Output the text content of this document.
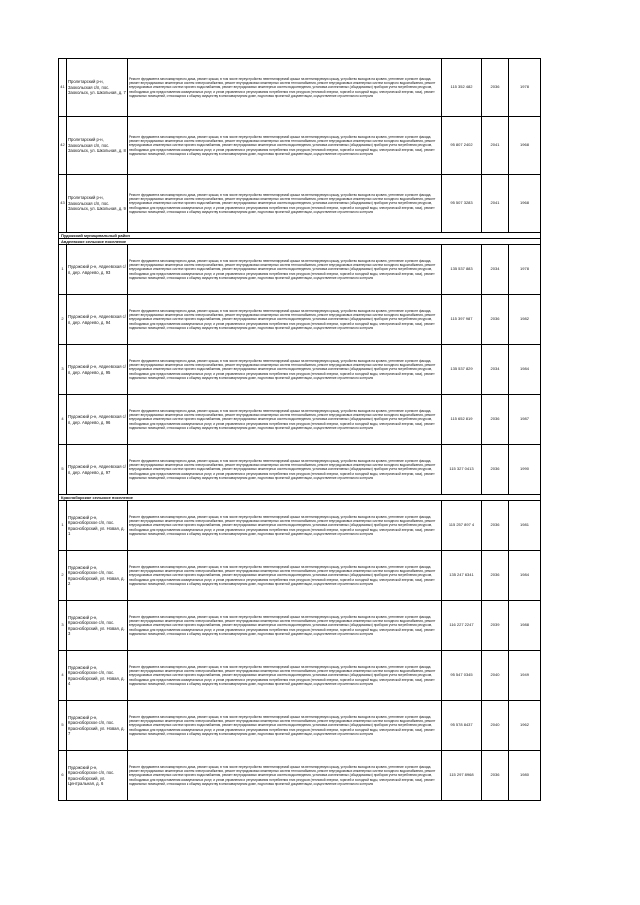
41	Пролетарский р-н, Заокольская с/п, пос. Заокольск, ул. Школьная, д. 7	Ремонт фундамента многоквартирного дома, ремонт крыши, в том числе переустройство невентилируемой крыши на вентилируемую крышу, устройство выходов на кровлю, утепление и ремонт фасада, ремонт внутридомовых инженерных систем электроснабжения, ремонт внутридомовых инженерных систем теплоснабжения, ремонт внутридомовых инженерных систем холодного водоснабжения, ремонт внутридомовых инженерных систем горячего водоснабжения, ремонт внутридомовых инженерных систем водоотведения, установка коллективных (общедомовых) приборов учета потребления ресурсов, необходимых для предоставления коммунальных услуг, и узлов управления и регулирования потребления этих ресурсов (тепловой энергии, горячей и холодной воды, электрической энергии, газа), ремонт подвальных помещений, относящихся к общему имуществу в многоквартирном доме, подготовка проектной документации, осуществление строительного контроля	115 352 482	2036	1978
42	Пролетарский р-н, Заокольская с/п, пос. Заокольск, ул. Школьная, д. 8	Ремонт фундамента многоквартирного дома, ремонт крыши, в том числе переустройство невентилируемой крыши на вентилируемую крышу, устройство выходов на кровлю, утепление и ремонт фасада, ремонт внутридомовых инженерных систем электроснабжения, ремонт внутридомовых инженерных систем теплоснабжения, ремонт внутридомовых инженерных систем холодного водоснабжения, ремонт внутридомовых инженерных систем горячего водоснабжения, ремонт внутридомовых инженерных систем водоотведения, установка коллективных (общедомовых) приборов учета потребления ресурсов, необходимых для предоставления коммунальных услуг, и узлов управления и регулирования потребления этих ресурсов (тепловой энергии, горячей и холодной воды, электрической энергии, газа), ремонт подвальных помещений, относящихся к общему имуществу в многоквартирном доме, подготовка проектной документации, осуществление строительного контроля	95 807 2402	2041	1968
43	Пролетарский р-н, Заокольская с/п, пос. Заокольск, ул. Школьная, д. 9	Ремонт фундамента многоквартирного дома, ремонт крыши, в том числе переустройство невентилируемой крыши на вентилируемую крышу, устройство выходов на кровлю, утепление и ремонт фасада, ремонт внутридомовых инженерных систем электроснабжения, ремонт внутридомовых инженерных систем теплоснабжения, ремонт внутридомовых инженерных систем холодного водоснабжения, ремонт внутридомовых инженерных систем горячего водоснабжения, ремонт внутридомовых инженерных систем водоотведения, установка коллективных (общедомовых) приборов учета потребления ресурсов, необходимых для предоставления коммунальных услуг, и узлов управления и регулирования потребления этих ресурсов (тепловой энергии, горячей и холодной воды, электрической энергии, газа), ремонт подвальных помещений, относящихся к общему имуществу в многоквартирном доме, подготовка проектной документации, осуществление строительного контроля	95 507 3283	2041	1968
Пудожский муниципальный район					
Авдеевское сельское поселение					
1	Пудожский р-н, Авдеевская с/п, дер. Авдеево, д. 93	Ремонт фундамента многоквартирного дома, ремонт крыши, в том числе переустройство невентилируемой крыши на вентилируемую крышу, устройство выходов на кровлю, утепление и ремонт фасада, ремонт внутридомовых инженерных систем электроснабжения, ремонт внутридомовых инженерных систем теплоснабжения, ремонт внутридомовых инженерных систем холодного водоснабжения, ремонт внутридомовых инженерных систем горячего водоснабжения, ремонт внутридомовых инженерных систем водоотведения, установка коллективных (общедомовых) приборов учета потребления ресурсов, необходимых для предоставления коммунальных услуг, и узлов управления и регулирования потребления этих ресурсов (тепловой энергии, горячей и холодной воды, электрической энергии, газа), ремонт подвальных помещений, относящихся к общему имуществу в многоквартирном доме, подготовка проектной документации, осуществление строительного контроля	135 537 883	2034	1978
2	Пудожский р-н, Авдеевская с/п, дер. Авдеево, д. 94	Ремонт фундамента многоквартирного дома, ремонт крыши, в том числе переустройство невентилируемой крыши на вентилируемую крышу, устройство выходов на кровлю, утепление и ремонт фасада, ремонт внутридомовых инженерных систем электроснабжения, ремонт внутридомовых инженерных систем теплоснабжения, ремонт внутридомовых инженерных систем холодного водоснабжения, ремонт внутридомовых инженерных систем горячего водоснабжения, ремонт внутридомовых инженерных систем водоотведения, установка коллективных (общедомовых) приборов учета потребления ресурсов, необходимых для предоставления коммунальных услуг, и узлов управления и регулирования потребления этих ресурсов (тепловой энергии, горячей и холодной воды, электрической энергии, газа), ремонт подвальных помещений, относящихся к общему имуществу в многоквартирном доме, подготовка проектной документации, осуществление строительного контроля	115 397 987	2036	1982
3	Пудожский р-н, Авдеевская с/п, дер. Авдеево, д. 95	Ремонт фундамента многоквартирного дома, ремонт крыши, в том числе переустройство невентилируемой крыши на вентилируемую крышу, устройство выходов на кровлю, утепление и ремонт фасада, ремонт внутридомовых инженерных систем электроснабжения, ремонт внутридомовых инженерных систем теплоснабжения, ремонт внутридомовых инженерных систем холодного водоснабжения, ремонт внутридомовых инженерных систем горячего водоснабжения, ремонт внутридомовых инженерных систем водоотведения, установка коллективных (общедомовых) приборов учета потребления ресурсов, необходимых для предоставления коммунальных услуг, и узлов управления и регулирования потребления этих ресурсов (тепловой энергии, горячей и холодной воды, электрической энергии, газа), ремонт подвальных помещений, относящихся к общему имуществу в многоквартирном доме, подготовка проектной документации, осуществление строительного контроля	135 537 829	2034	1984
4	Пудожский р-н, Авдеевская с/п, дер. Авдеево, д. 96	Ремонт фундамента многоквартирного дома, ремонт крыши, в том числе переустройство невентилируемой крыши на вентилируемую крышу, устройство выходов на кровлю, утепление и ремонт фасада, ремонт внутридомовых инженерных систем электроснабжения, ремонт внутридомовых инженерных систем теплоснабжения, ремонт внутридомовых инженерных систем холодного водоснабжения, ремонт внутридомовых инженерных систем горячего водоснабжения, ремонт внутридомовых инженерных систем водоотведения, установка коллективных (общедомовых) приборов учета потребления ресурсов, необходимых для предоставления коммунальных услуг, и узлов управления и регулирования потребления этих ресурсов (тепловой энергии, горячей и холодной воды, электрической энергии, газа), ремонт подвальных помещений, относящихся к общему имуществу в многоквартирном доме, подготовка проектной документации, осуществление строительного контроля	115 652 819	2036	1987
5	Пудожский р-н, Авдеевская с/п, дер. Авдеево, д. 97	Ремонт фундамента многоквартирного дома, ремонт крыши, в том числе переустройство невентилируемой крыши на вентилируемую крышу, устройство выходов на кровлю, утепление и ремонт фасада, ремонт внутридомовых инженерных систем электроснабжения, ремонт внутридомовых инженерных систем теплоснабжения, ремонт внутридомовых инженерных систем холодного водоснабжения, ремонт внутридомовых инженерных систем горячего водоснабжения, ремонт внутридомовых инженерных систем водоотведения, установка коллективных (общедомовых) приборов учета потребления ресурсов, необходимых для предоставления коммунальных услуг, и узлов управления и регулирования потребления этих ресурсов (тепловой энергии, горячей и холодной воды, электрической энергии, газа), ремонт подвальных помещений, относящихся к общему имуществу в многоквартирном доме, подготовка проектной документации, осуществление строительного контроля	115 327 0413	2036	1990
Красноборское сельское поселение					
1	Пудожский р-н, Красноборское с/п, пос. Красноборский, ул. Новая, д. 1	Ремонт фундамента многоквартирного дома, ремонт крыши, в том числе переустройство невентилируемой крыши на вентилируемую крышу, устройство выходов на кровлю, утепление и ремонт фасада, ремонт внутридомовых инженерных систем электроснабжения, ремонт внутридомовых инженерных систем теплоснабжения, ремонт внутридомовых инженерных систем холодного водоснабжения, ремонт внутридомовых инженерных систем горячего водоснабжения, ремонт внутридомовых инженерных систем водоотведения, установка коллективных (общедомовых) приборов учета потребления ресурсов, необходимых для предоставления коммунальных услуг, и узлов управления и регулирования потребления этих ресурсов (тепловой энергии, горячей и холодной воды, электрической энергии, газа), ремонт подвальных помещений, относящихся к общему имуществу в многоквартирном доме, подготовка проектной документации, осуществление строительного контроля	115 257 897 4	2036	1981
2	Пудожский р-н, Красноборское с/п, пос. Красноборский, ул. Новая, д. 2	Ремонт фундамента многоквартирного дома, ремонт крыши, в том числе переустройство невентилируемой крыши на вентилируемую крышу, устройство выходов на кровлю, утепление и ремонт фасада, ремонт внутридомовых инженерных систем электроснабжения, ремонт внутридомовых инженерных систем теплоснабжения, ремонт внутридомовых инженерных систем холодного водоснабжения, ремонт внутридомовых инженерных систем горячего водоснабжения, ремонт внутридомовых инженерных систем водоотведения, установка коллективных (общедомовых) приборов учета потребления ресурсов, необходимых для предоставления коммунальных услуг, и узлов управления и регулирования потребления этих ресурсов (тепловой энергии, горячей и холодной воды, электрической энергии, газа), ремонт подвальных помещений, относящихся к общему имуществу в многоквартирном доме, подготовка проектной документации, осуществление строительного контроля	135 247 6341	2036	1984
3	Пудожский р-н, Красноборское с/п, пос. Красноборский, ул. Новая, д. 3	Ремонт фундамента многоквартирного дома, ремонт крыши, в том числе переустройство невентилируемой крыши на вентилируемую крышу, устройство выходов на кровлю, утепление и ремонт фасада, ремонт внутридомовых инженерных систем электроснабжения, ремонт внутридомовых инженерных систем теплоснабжения, ремонт внутридомовых инженерных систем холодного водоснабжения, ремонт внутридомовых инженерных систем горячего водоснабжения, ремонт внутридомовых инженерных систем водоотведения, установка коллективных (общедомовых) приборов учета потребления ресурсов, необходимых для предоставления коммунальных услуг, и узлов управления и регулирования потребления этих ресурсов (тепловой энергии, горячей и холодной воды, электрической энергии, газа), ремонт подвальных помещений, относящихся к общему имуществу в многоквартирном доме, подготовка проектной документации, осуществление строительного контроля	116 227 2247	2039	1988
4	Пудожский р-н, Красноборское с/п, пос. Красноборский, ул. Новая, д. 4	Ремонт фундамента многоквартирного дома, ремонт крыши, в том числе переустройство невентилируемой крыши на вентилируемую крышу, устройство выходов на кровлю, утепление и ремонт фасада, ремонт внутридомовых инженерных систем электроснабжения, ремонт внутридомовых инженерных систем теплоснабжения, ремонт внутридомовых инженерных систем холодного водоснабжения, ремонт внутридомовых инженерных систем горячего водоснабжения, ремонт внутридомовых инженерных систем водоотведения, установка коллективных (общедомовых) приборов учета потребления ресурсов, необходимых для предоставления коммунальных услуг, и узлов управления и регулирования потребления этих ресурсов (тепловой энергии, горячей и холодной воды, электрической энергии, газа), ремонт подвальных помещений, относящихся к общему имуществу в многоквартирном доме, подготовка проектной документации, осуществление строительного контроля	95 547 0345	2040	1949
5	Пудожский р-н, Красноборское с/п, пос. Красноборский, ул. Новая, д. 7	Ремонт фундамента многоквартирного дома, ремонт крыши, в том числе переустройство невентилируемой крыши на вентилируемую крышу, устройство выходов на кровлю, утепление и ремонт фасада, ремонт внутридомовых инженерных систем электроснабжения, ремонт внутридомовых инженерных систем теплоснабжения, ремонт внутридомовых инженерных систем холодного водоснабжения, ремонт внутридомовых инженерных систем горячего водоснабжения, ремонт внутридомовых инженерных систем водоотведения, установка коллективных (общедомовых) приборов учета потребления ресурсов, необходимых для предоставления коммунальных услуг, и узлов управления и регулирования потребления этих ресурсов (тепловой энергии, горячей и холодной воды, электрической энергии, газа), ремонт подвальных помещений, относящихся к общему имуществу в многоквартирном доме, подготовка проектной документации, осуществление строительного контроля	95 578 8437	2040	1962
6	Пудожский р-н, Красноборское с/п, пос. Красноборский, ул. Центральная, д. 6	Ремонт фундамента многоквартирного дома, ремонт крыши, в том числе переустройство невентилируемой крыши на вентилируемую крышу, устройство выходов на кровлю, утепление и ремонт фасада, ремонт внутридомовых инженерных систем электроснабжения, ремонт внутридомовых инженерных систем теплоснабжения, ремонт внутридомовых инженерных систем холодного водоснабжения, ремонт внутридомовых инженерных систем горячего водоснабжения, ремонт внутридомовых инженерных систем водоотведения, установка коллективных (общедомовых) приборов учета потребления ресурсов, необходимых для предоставления коммунальных услуг, и узлов управления и регулирования потребления этих ресурсов (тепловой энергии, горячей и холодной воды, электрической энергии, газа), ремонт подвальных помещений, относящихся к общему имуществу в многоквартирном доме, подготовка проектной документации, осуществление строительного контроля	115 297 8968	2036	1980
